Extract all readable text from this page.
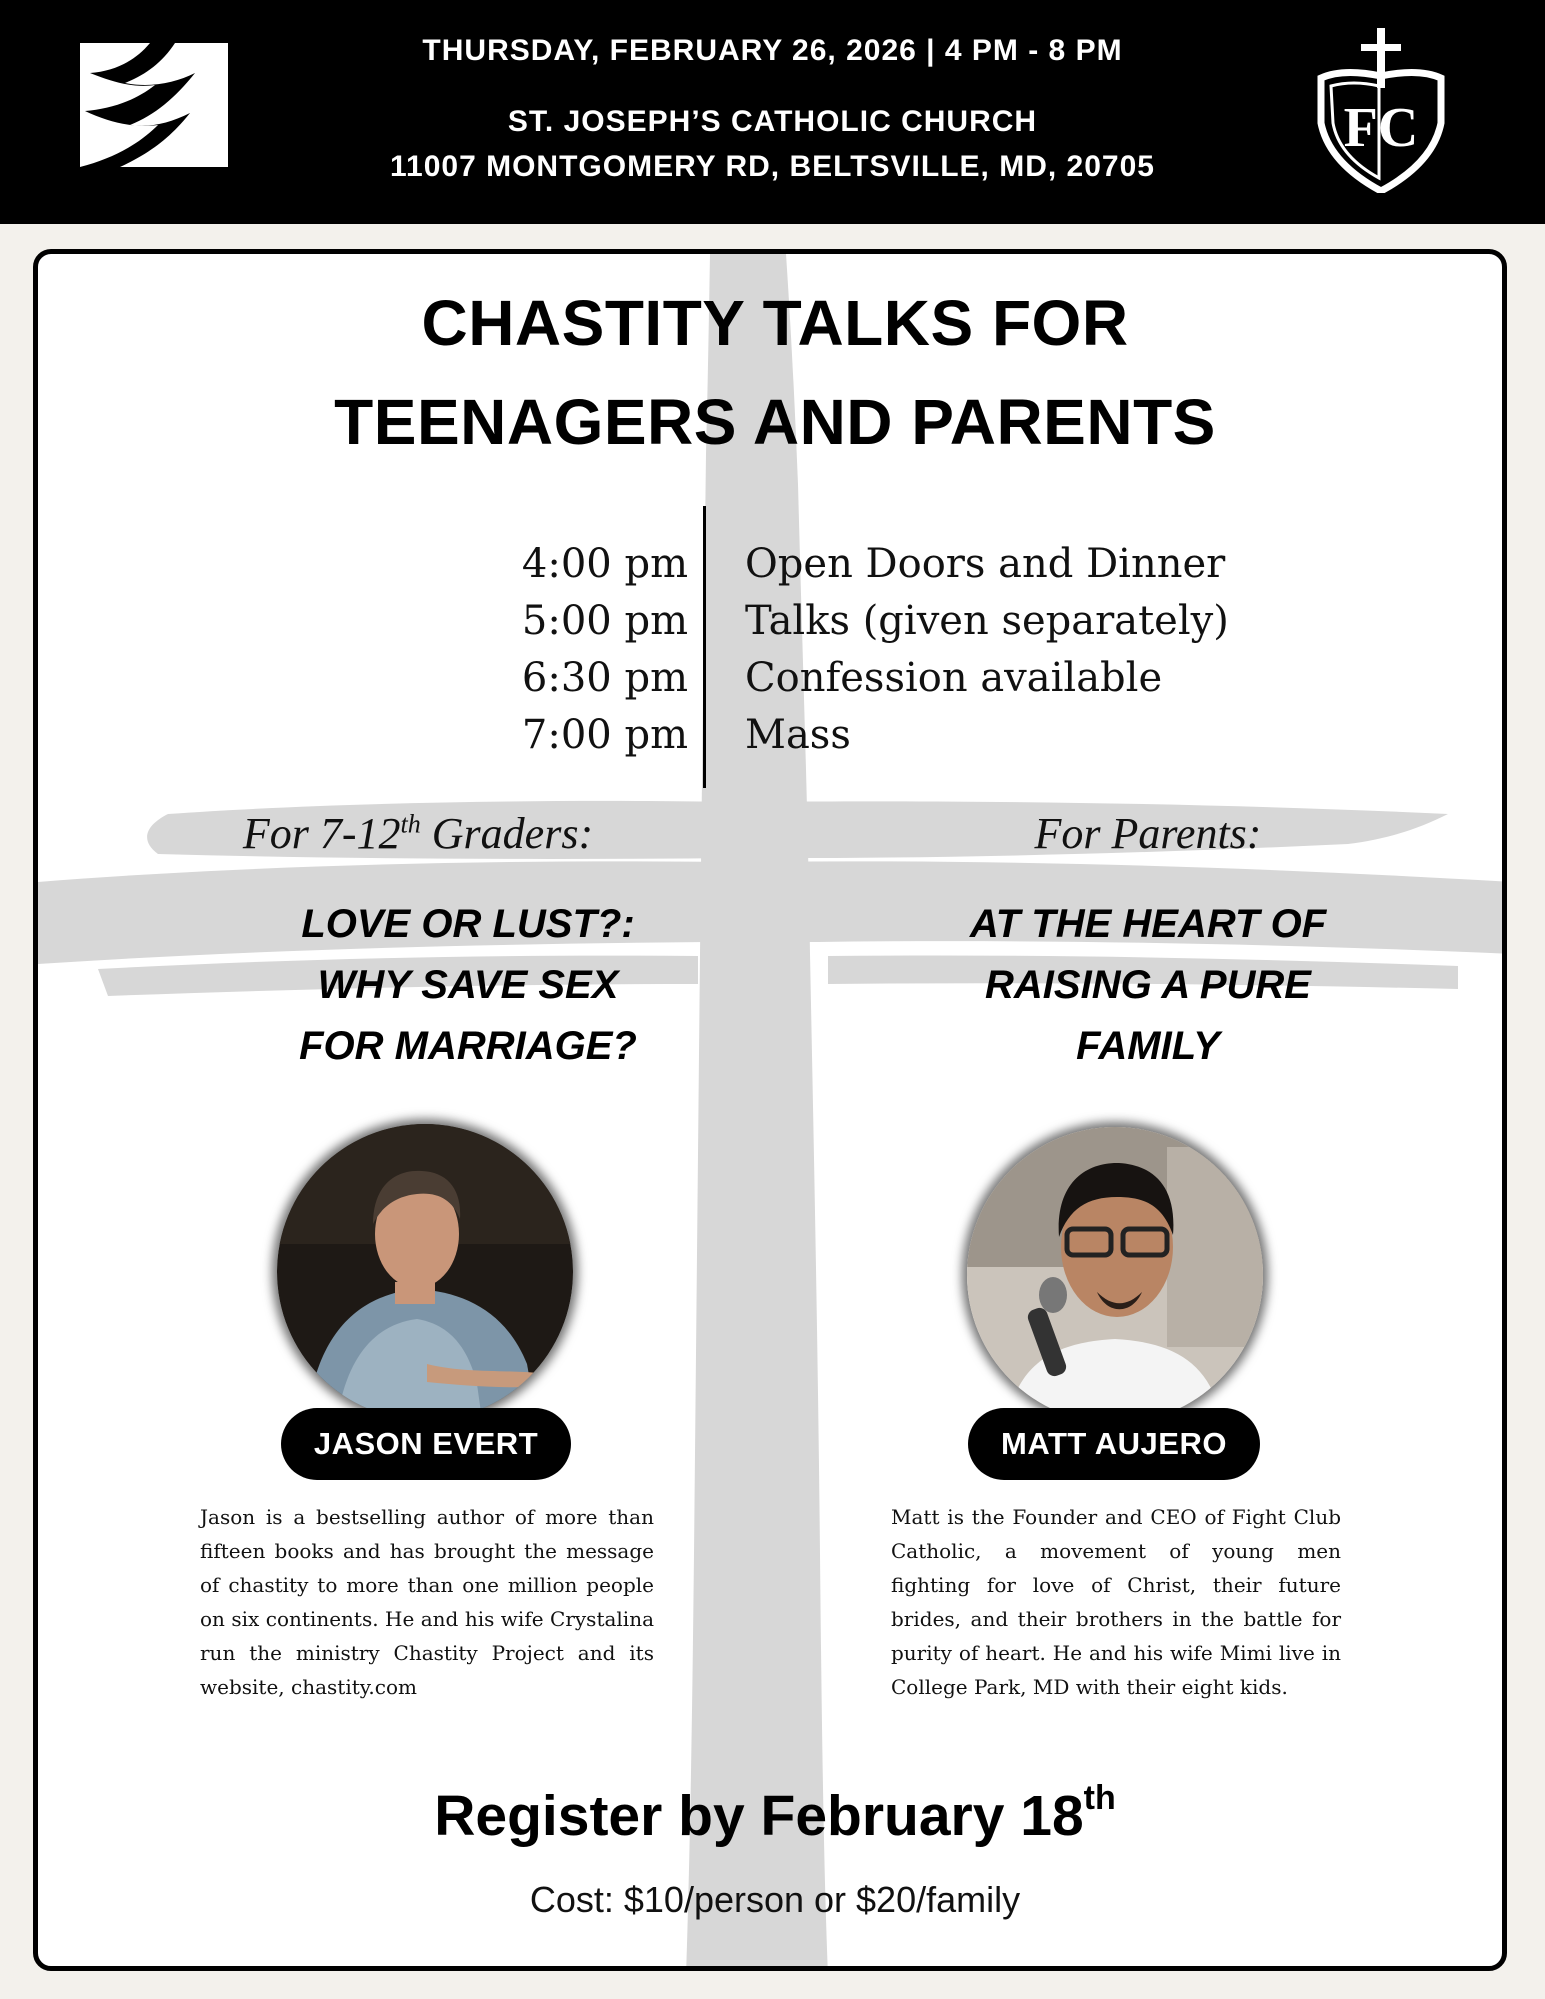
THURSDAY, FEBRUARY 26, 2026 | 4 PM - 8 PM
ST. JOSEPH’S CATHOLIC CHURCH
11007 MONTGOMERY RD, BELTSVILLE, MD, 20705
FC
CHASTITY TALKS FOR
TEENAGERS AND PARENTS
4:00 pm Open Doors and Dinner
5:00 pm Talks (given separately)
6:30 pm Confession available
7:00 pm Mass
For 7-12th Graders:
LOVE OR LUST?:
WHY SAVE SEX
FOR MARRIAGE?
For Parents:
AT THE HEART OF
RAISING A PURE
FAMILY
JASON EVERT
Jason is a bestselling author of more than fifteen books and has brought the message of chastity to more than one million people on six continents. He and his wife Crystalina run the ministry Chastity Project and its website, chastity.com
MATT AUJERO
Matt is the Founder and CEO of Fight Club Catholic, a movement of young men fighting for love of Christ, their future brides, and their brothers in the battle for purity of heart. He and his wife Mimi live in College Park, MD with their eight kids.
Register by February 18th
Cost: $10/person or $20/family
